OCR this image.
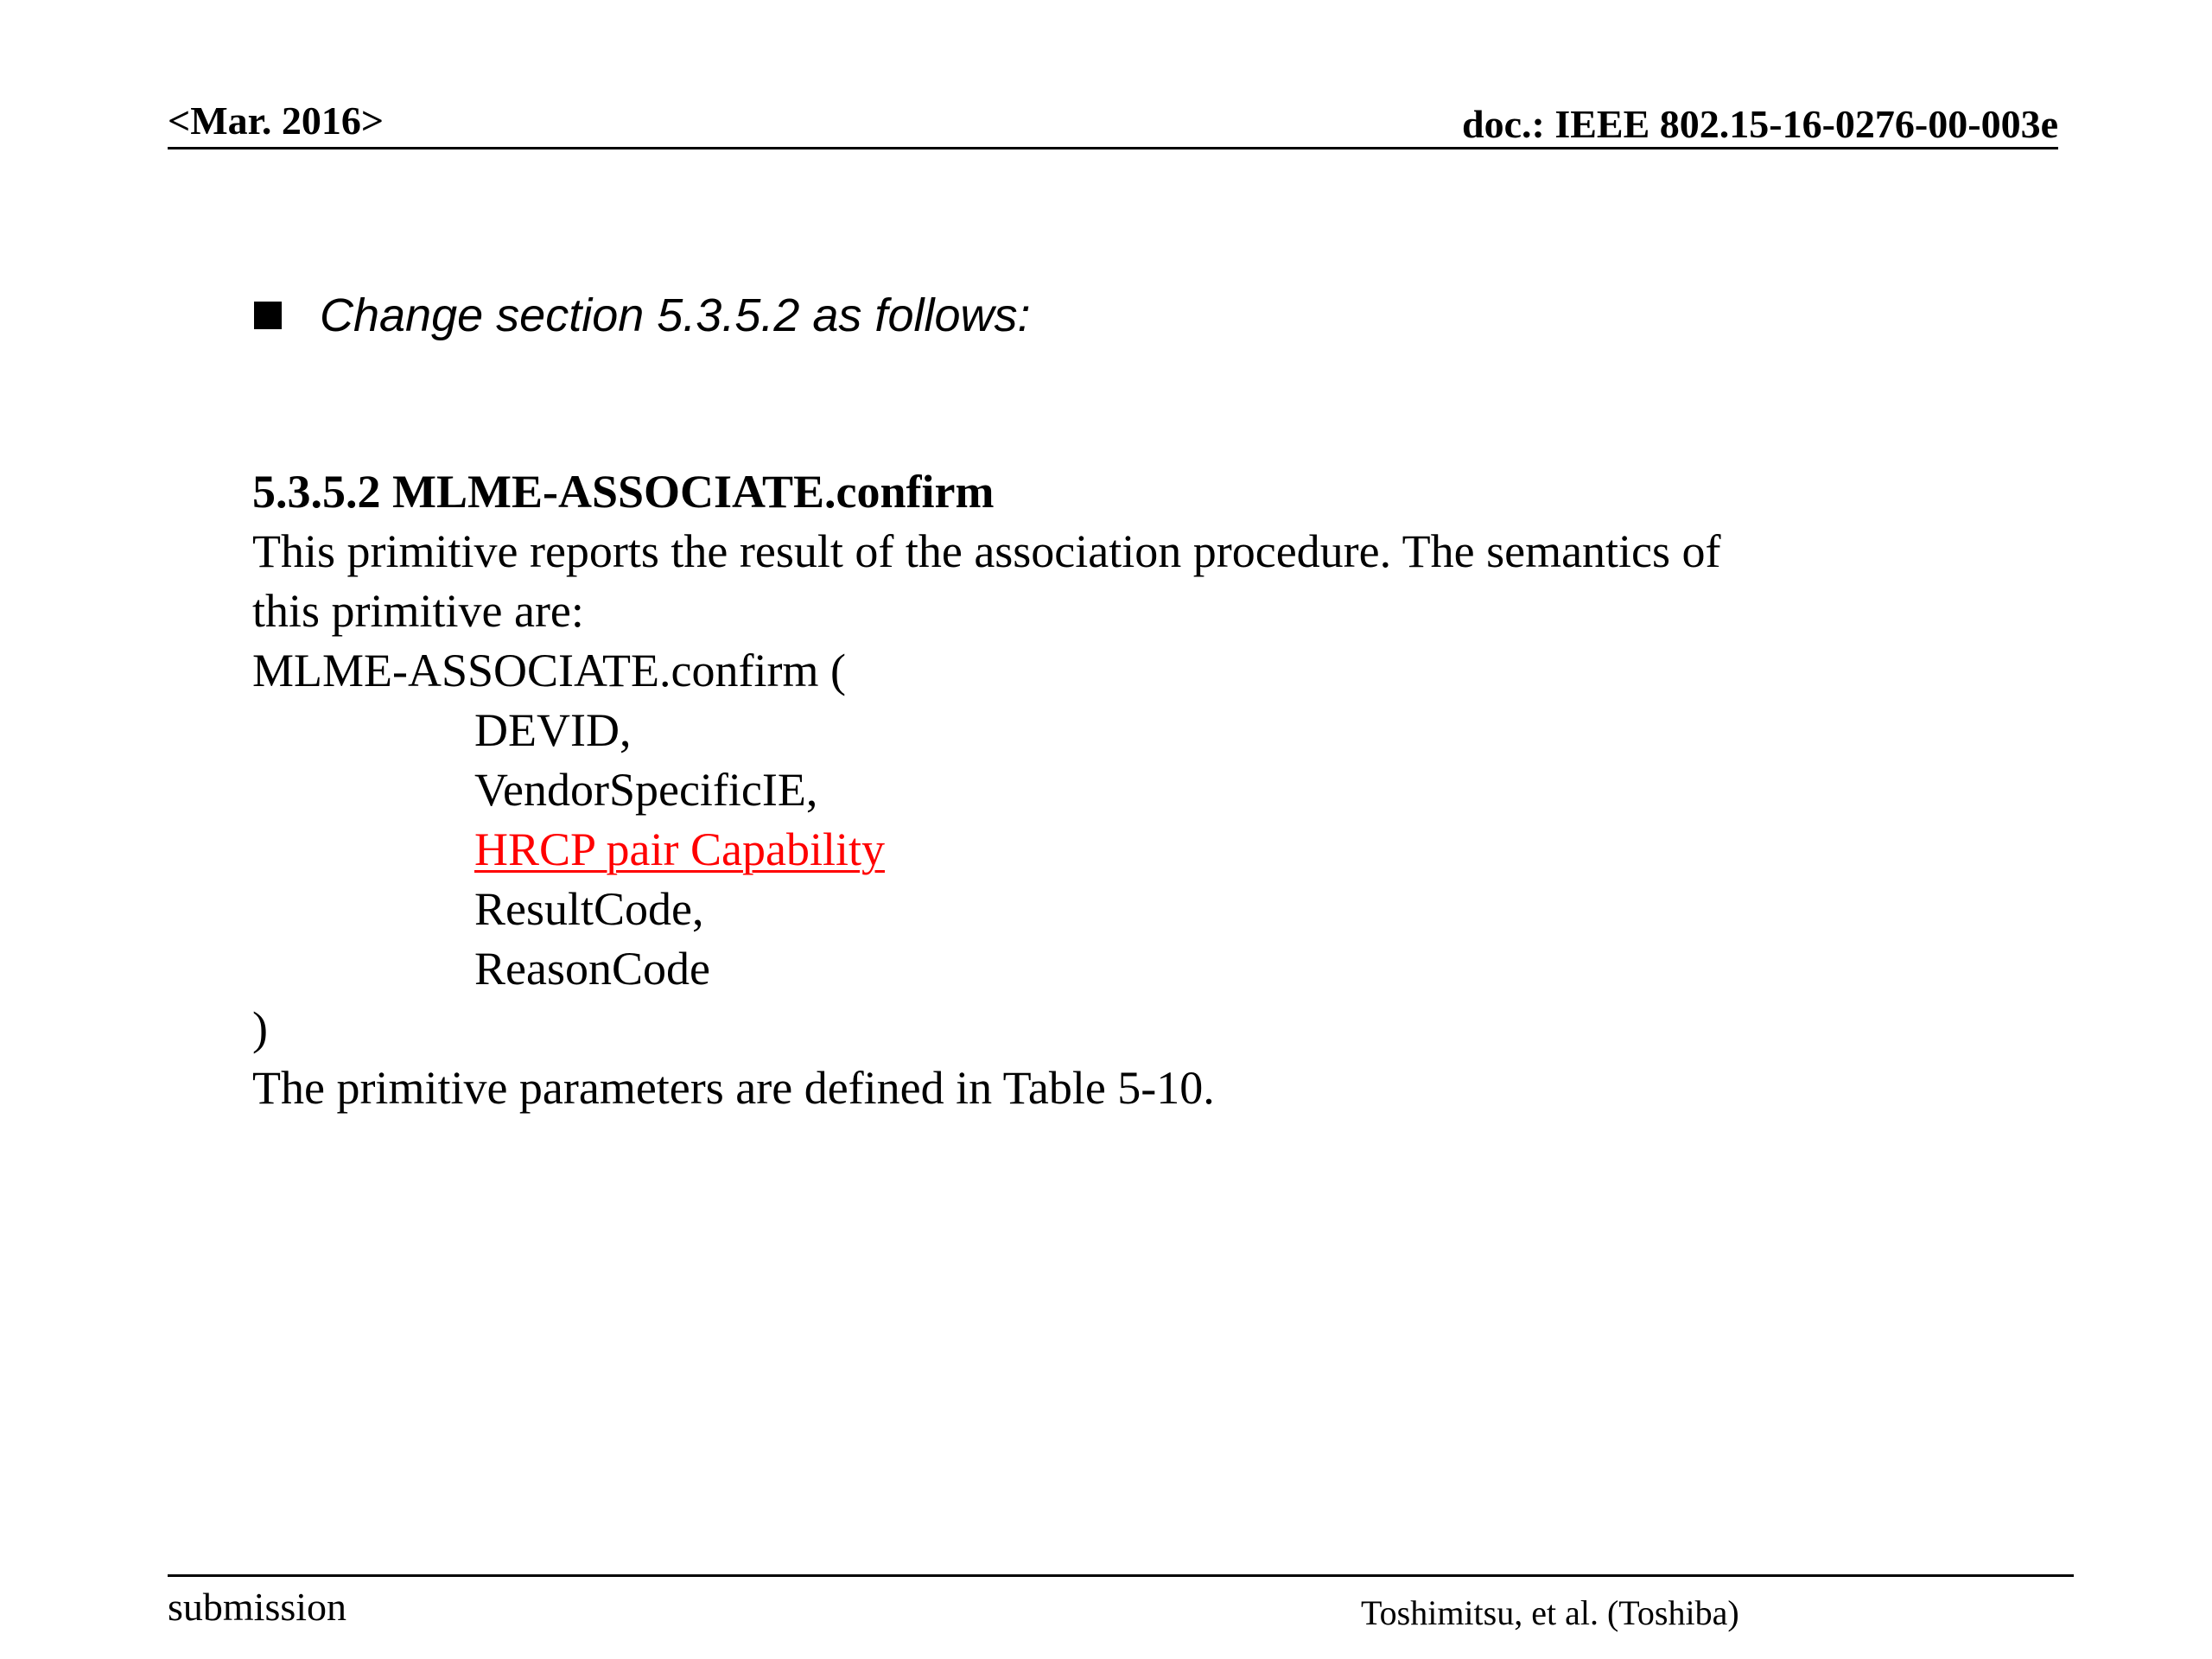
<Mar. 2016>	doc.: IEEE 802.15-16-0276-00-003e
Change section 5.3.5.2 as follows:
5.3.5.2 MLME-ASSOCIATE.confirm
This primitive reports the result of the association procedure. The semantics of
this primitive are:
MLME-ASSOCIATE.confirm (
DEVID,
VendorSpecificIE,
HRCP pair Capability
ResultCode,
ReasonCode
)
The primitive parameters are defined in Table 5-10.
submission	Toshimitsu, et al. (Toshiba)
